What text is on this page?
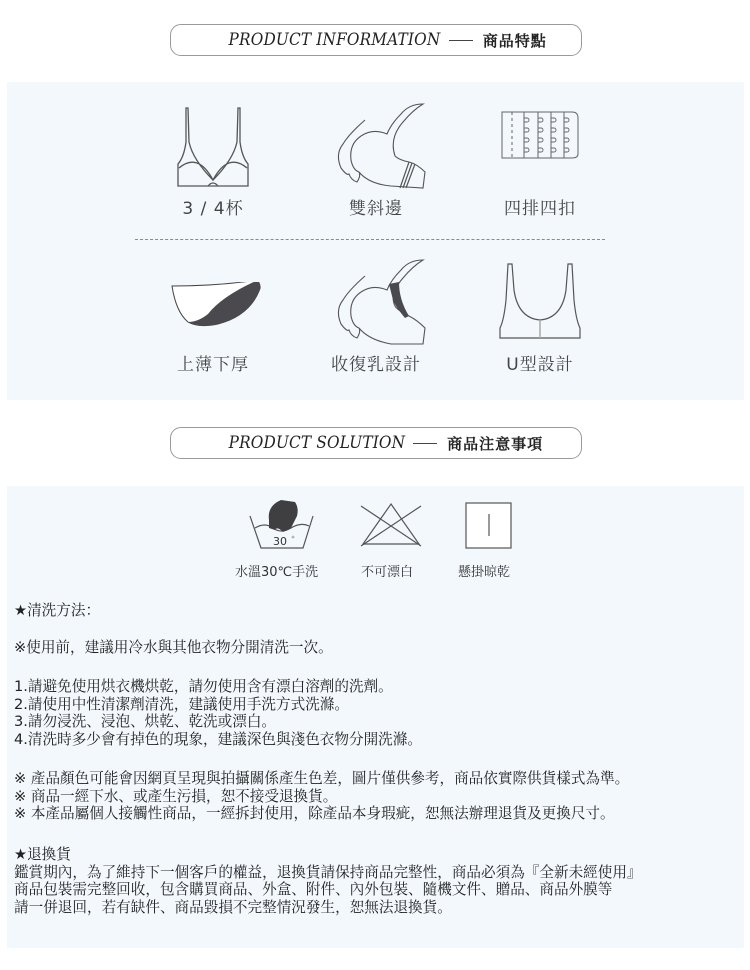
PRODUCT INFORMATION	商品特點
3 / 4杯	雙斜邊	四排四扣
上薄下厚	收復乳設計	U型設計
PRODUCT SOLUTION	商品注意事項
30
水溫30℃手洗	不可漂白	懸掛晾乾
★清洗方法：
※使用前，建議用冷水與其他衣物分開清洗一次。
1.請避免使用烘衣機烘乾，請勿使用含有漂白溶劑的洗劑。
2.請使用中性清潔劑清洗，建議使用手洗方式洗滌。
3.請勿浸洗、浸泡、烘乾、乾洗或漂白。
4.清洗時多少會有掉色的現象，建議深色與淺色衣物分開洗滌。
※ 產品顏色可能會因網頁呈現與拍攝關係產生色差，圖片僅供參考，商品依實際供貨樣式為準。
※ 商品一經下水、或產生污損，恕不接受退換貨。
※ 本產品屬個人接觸性商品，一經拆封使用，除產品本身瑕疵，恕無法辦理退貨及更換尺寸。
★退換貨
鑑賞期內，為了維持下一個客戶的權益，退換貨請保持商品完整性，商品必須為『全新未經使用』
商品包裝需完整回收，包含購買商品、外盒、附件、內外包裝、隨機文件、贈品、商品外膜等
請一併退回，若有缺件、商品毀損不完整情況發生，恕無法退換貨。
